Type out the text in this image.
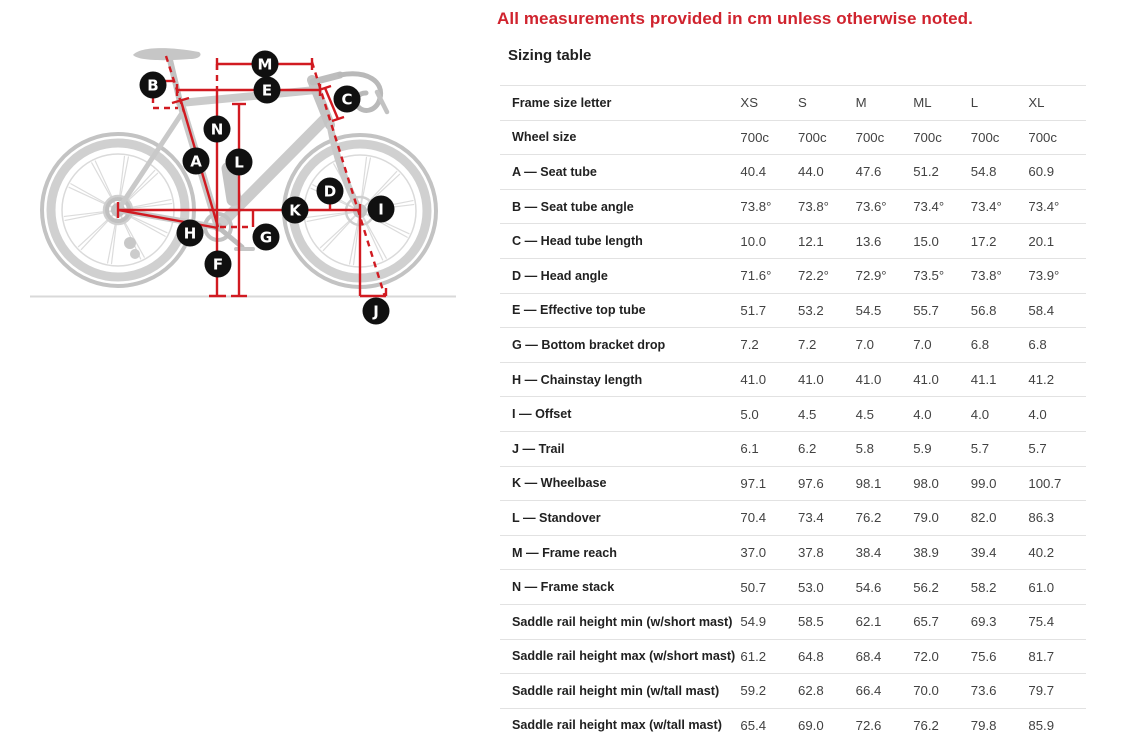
All measurements provided in cm unless otherwise noted.
M
E
B
C
N
A L
D
K	I
H	G
F
J
Sizing table
Frame size letter	XS	S	M	ML	L	XL
Wheel size	700c	700c	700c	700c	700c	700c
A — Seat tube	40.4	44.0	47.6	51.2	54.8	60.9
B — Seat tube angle	73.8°	73.8°	73.6°	73.4°	73.4°	73.4°
C — Head tube length	10.0	12.1	13.6	15.0	17.2	20.1
D — Head angle	71.6°	72.2°	72.9°	73.5°	73.8°	73.9°
E — Effective top tube	51.7	53.2	54.5	55.7	56.8	58.4
G — Bottom bracket drop	7.2	7.2	7.0	7.0	6.8	6.8
H — Chainstay length	41.0	41.0	41.0	41.0	41.1	41.2
I — Offset	5.0	4.5	4.5	4.0	4.0	4.0
J — Trail	6.1	6.2	5.8	5.9	5.7	5.7
K — Wheelbase	97.1	97.6	98.1	98.0	99.0	100.7
L — Standover	70.4	73.4	76.2	79.0	82.0	86.3
M — Frame reach	37.0	37.8	38.4	38.9	39.4	40.2
N — Frame stack	50.7	53.0	54.6	56.2	58.2	61.0
Saddle rail height min (w/short mast) 54.9	58.5	62.1	65.7	69.3	75.4
Saddle rail height max (w/short mast) 61.2	64.8	68.4	72.0	75.6	81.7
Saddle rail height min (w/tall mast)	59.2	62.8	66.4	70.0	73.6	79.7
Saddle rail height max (w/tall mast)	65.4	69.0	72.6	76.2	79.8	85.9
